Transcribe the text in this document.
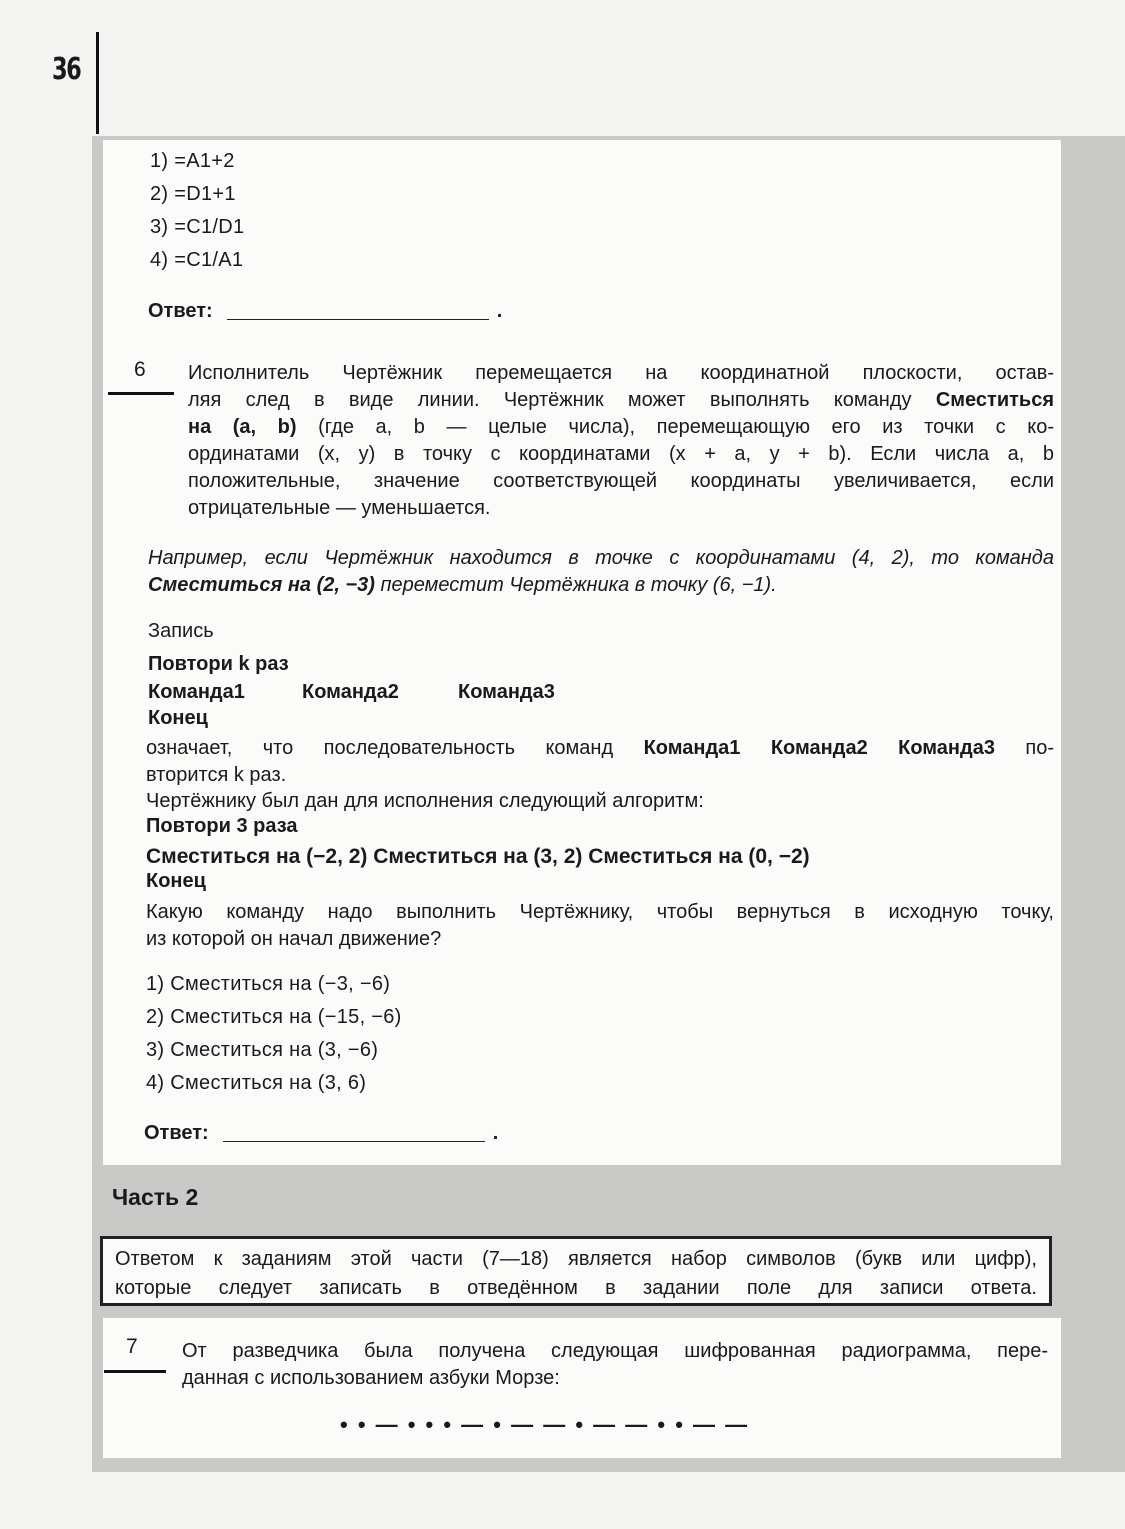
36
1) =A1+2
2) =D1+1
3) =C1/D1
4) =C1/A1
Ответ:	.
6 Исполнитель Чертёжник перемещается на координатной плоскости, остав-
ляя след в виде линии. Чертёжник может выполнять команду Сместиться
на (a, b) (где a, b — целые числа), перемещающую его из точки с ко-
ординатами (x, y) в точку с координатами (x + a, y + b). Если числа a, b
положительные, значение соответствующей координаты увеличивается, если
отрицательные — уменьшается.
Например, если Чертёжник находится в точке с координатами (4, 2), то команда
Сместиться на (2, −3) переместит Чертёжника в точку (6, −1).
Запись
Повтори k раз
Команда1	Команда2	Команда3
Конец
означает, что последовательность команд Команда1 Команда2 Команда3 по-
вторится k раз.
Чертёжнику был дан для исполнения следующий алгоритм:
Повтори 3 раза
Сместиться на (−2, 2) Сместиться на (3, 2) Сместиться на (0, −2)
Конец
Какую команду надо выполнить Чертёжнику, чтобы вернуться в исходную точку,
из которой он начал движение?
1) Сместиться на (−3, −6)
2) Сместиться на (−15, −6)
3) Сместиться на (3, −6)
4) Сместиться на (3, 6)
Ответ:	.
Часть 2
Ответом к заданиям этой части (7—18) является набор символов (букв или цифр),
которые следует записать в отведённом в задании поле для записи ответа.
7 От разведчика была получена следующая шифрованная радиограмма, пере-
данная с использованием азбуки Морзе:
• • — • • • — • — — • — — • • — —
